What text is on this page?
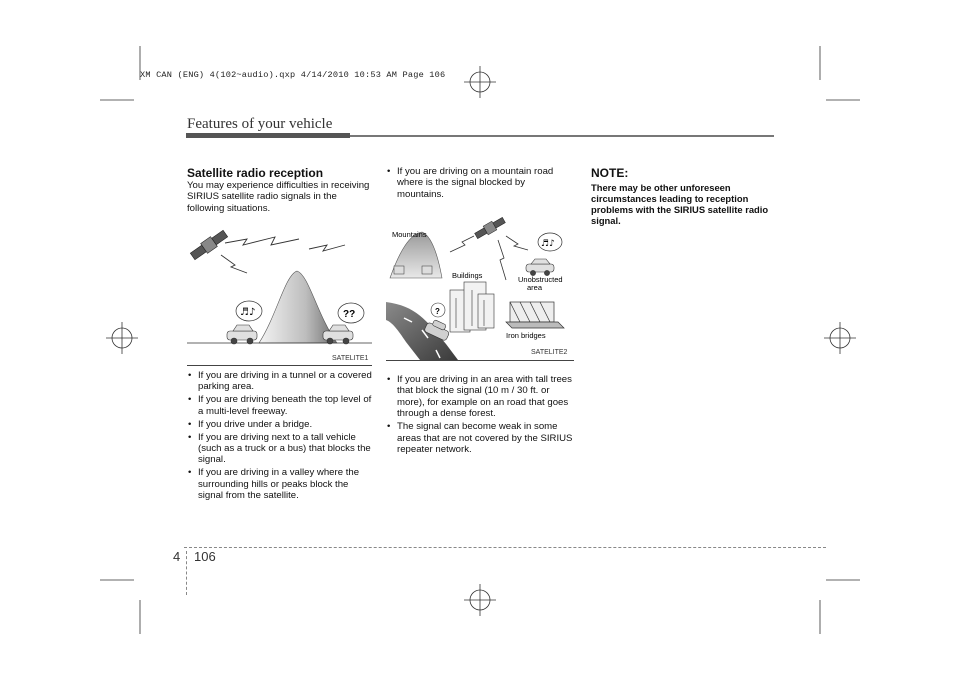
XM CAN (ENG) 4(102~audio).qxp 4/14/2010 10:53 AM Page 106
Features of your vehicle
Satellite radio reception
You may experience difficulties in receiving SIRIUS satellite radio signals in the following situations.
♬♪	??
SATELITE1
• If you are driving in a tunnel or a covered parking area.
• If you are driving beneath the top level of a multi-level freeway.
• If you drive under a bridge.
• If you are driving next to a tall vehicle (such as a truck or a bus) that blocks the signal.
• If you are driving in a valley where the surrounding hills or peaks block the signal from the satellite.
• If you are driving on a mountain road where is the signal blocked by mountains.
Mountains
♬♪
Unobstructed
area
Buildings
?
Iron bridges
SATELITE2
• If you are driving in an area with tall trees that block the signal (10 m / 30 ft. or more), for example on an road that goes through a dense forest.
• The signal can become weak in some areas that are not covered by the SIRIUS repeater network.
NOTE:
There may be other unforeseen circumstances leading to reception problems with the SIRIUS satellite radio signal.
4 106
